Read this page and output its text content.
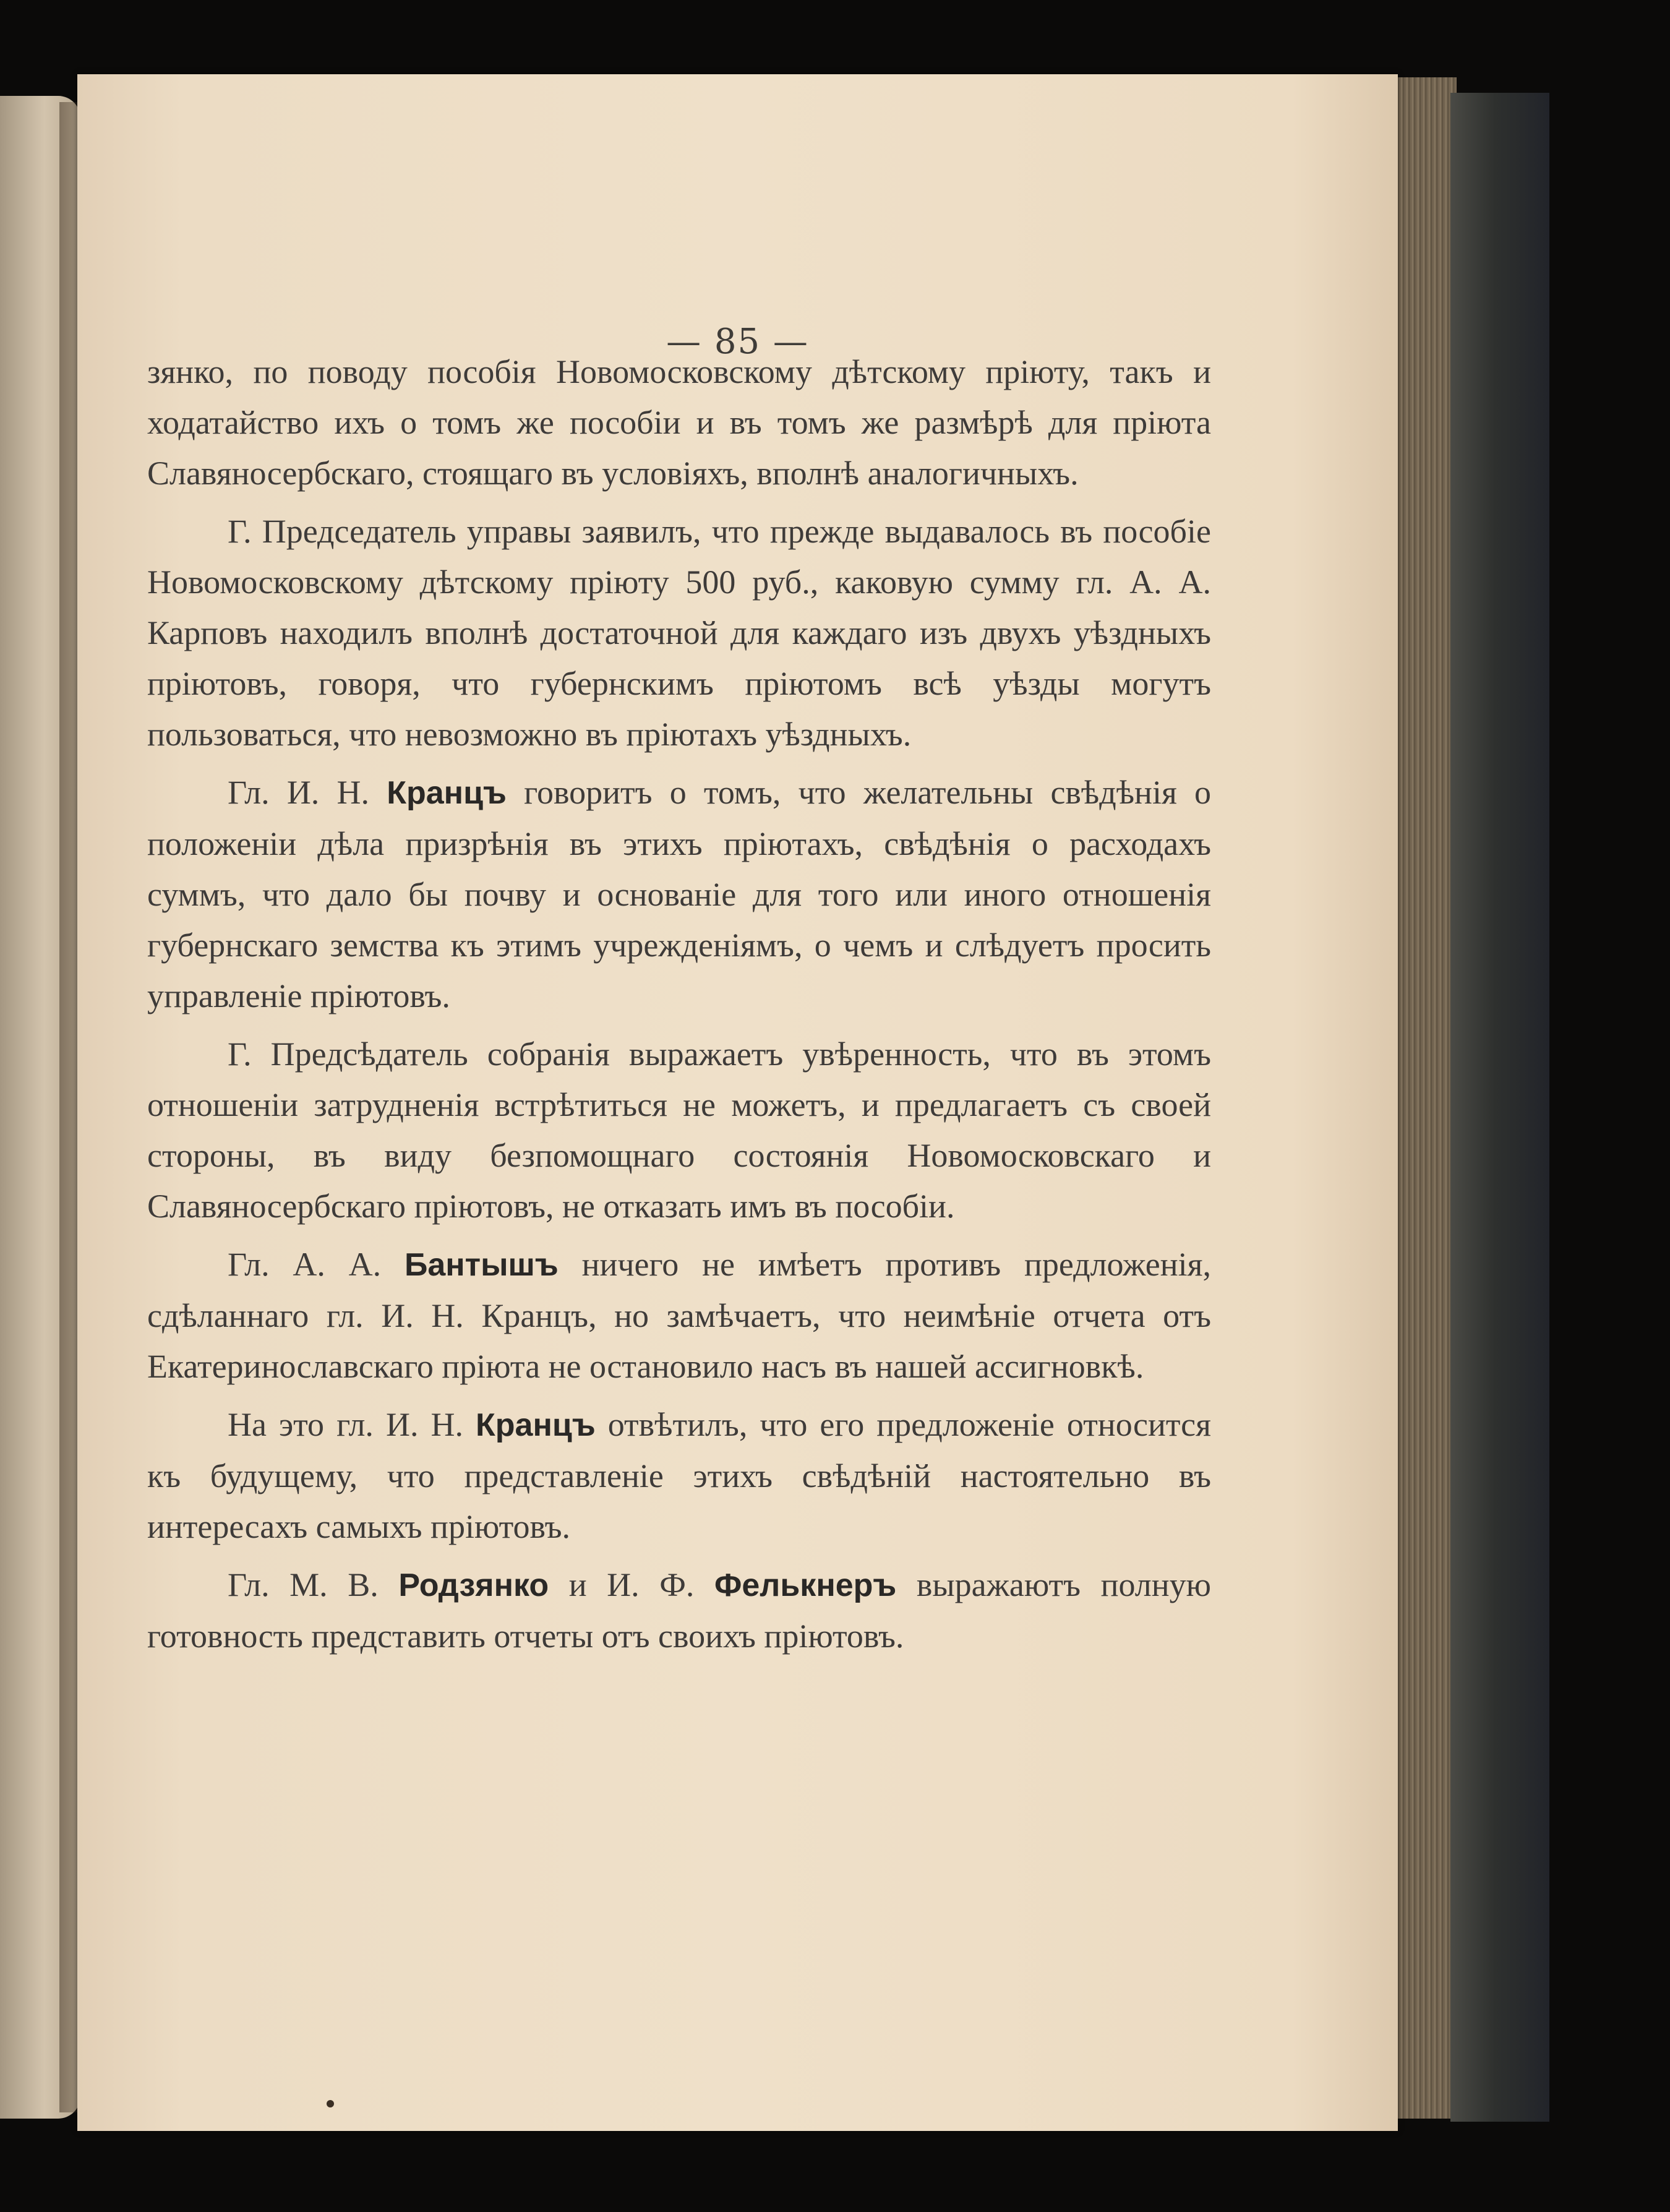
— 85 —

зянко, по поводу пособія Новомосковскому дѣтскому пріюту, такъ и ходатайство ихъ о томъ же пособіи и въ томъ же размѣрѣ для пріюта Славяносербскаго, стоящаго въ условіяхъ, вполнѣ аналогичныхъ.

Г. Председатель управы заявилъ, что прежде выдавалось въ пособіе Новомосковскому дѣтскому пріюту 500 руб., каковую сумму гл. А. А. Карповъ находилъ вполнѣ достаточной для каждаго изъ двухъ уѣздныхъ пріютовъ, говоря, что губернскимъ пріютомъ всѣ уѣзды могутъ пользоваться, что невозможно въ пріютахъ уѣздныхъ.

Гл. И. Н. Кранцъ говоритъ о томъ, что желательны свѣдѣнія о положеніи дѣла призрѣнія въ этихъ пріютахъ, свѣдѣнія о расходахъ суммъ, что дало бы почву и основаніе для того или иного отношенія губернскаго земства къ этимъ учрежденіямъ, о чемъ и слѣдуетъ просить управленіе пріютовъ.

Г. Предсѣдатель собранія выражаетъ увѣренность, что въ этомъ отношеніи затрудненія встрѣтиться не можетъ, и предлагаетъ съ своей стороны, въ виду безпомощнаго состоянія Новомосковскаго и Славяносербскаго пріютовъ, не отказать имъ въ пособіи.

Гл. А. А. Бантышъ ничего не имѣетъ противъ предложенія, сдѣланнаго гл. И. Н. Кранцъ, но замѣчаетъ, что неимѣніе отчета отъ Екатеринославскаго пріюта не остановило насъ въ нашей ассигновкѣ.

На это гл. И. Н. Кранцъ отвѣтилъ, что его предложеніе относится къ будущему, что представленіе этихъ свѣдѣній настоятельно въ интересахъ самыхъ пріютовъ.

Гл. М. В. Родзянко и И. Ф. Фелькнеръ выражаютъ полную готовность представить отчеты отъ своихъ пріютовъ.
